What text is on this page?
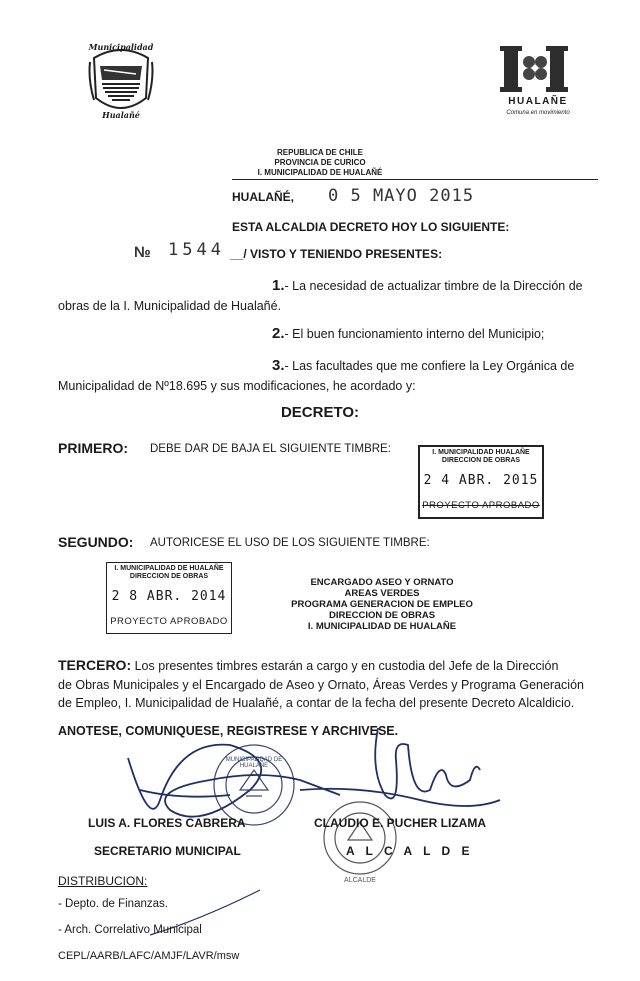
Municipalidad
Hualañé
HUALAÑE
Comuna en movimiento
REPUBLICA DE CHILE
PROVINCIA DE CURICO
I. MUNICIPALIDAD DE HUALAÑÉ
HUALAÑÉ, 0 5 MAYO 2015
ESTA ALCALDIA DECRETO HOY LO SIGUIENTE:
№ 1544 __/ VISTO Y TENIENDO PRESENTES:
1.- La necesidad de actualizar timbre de la Dirección de
obras de la I. Municipalidad de Hualañé.
2.- El buen funcionamiento interno del Municipio;
3.- Las facultades que me confiere la Ley Orgánica de
Municipalidad de Nº18.695 y sus modificaciones, he acordado y:
DECRETO:
PRIMERO: DEBE DAR DE BAJA EL SIGUIENTE TIMBRE:	I. MUNICIPALIDAD HUALAÑE
DIRECCION DE OBRAS
2 4 ABR. 2015
PROYECTO APROBADO
SEGUNDO: AUTORICESE EL USO DE LOS SIGUIENTE TIMBRE:
I. MUNICIPALIDAD DE HUALAÑE
DIRECCION DE OBRAS
2 8 ABR. 2014
PROYECTO APROBADO
ENCARGADO ASEO Y ORNATO
AREAS VERDES
PROGRAMA GENERACION DE EMPLEO
DIRECCION DE OBRAS
I. MUNICIPALIDAD DE HUALAÑE
TERCERO: Los presentes timbres estarán a cargo y en custodia del Jefe de la Dirección
de Obras Municipales y el Encargado de Aseo y Ornato, Áreas Verdes y Programa Generación
de Empleo, I. Municipalidad de Hualañé, a contar de la fecha del presente Decreto Alcaldicio.
ANOTESE, COMUNIQUESE, REGISTRESE Y ARCHIVESE.
MUNICIPALIDAD DE HUALAÑE
ALCALDE
LUIS A. FLORES CABRERA
SECRETARIO MUNICIPAL
CLAUDIO E. PUCHER LIZAMA
A L C A L D E
DISTRIBUCION:
- Depto. de Finanzas.
- Arch. Correlativo Municipal
CEPL/AARB/LAFC/AMJF/LAVR/msw
